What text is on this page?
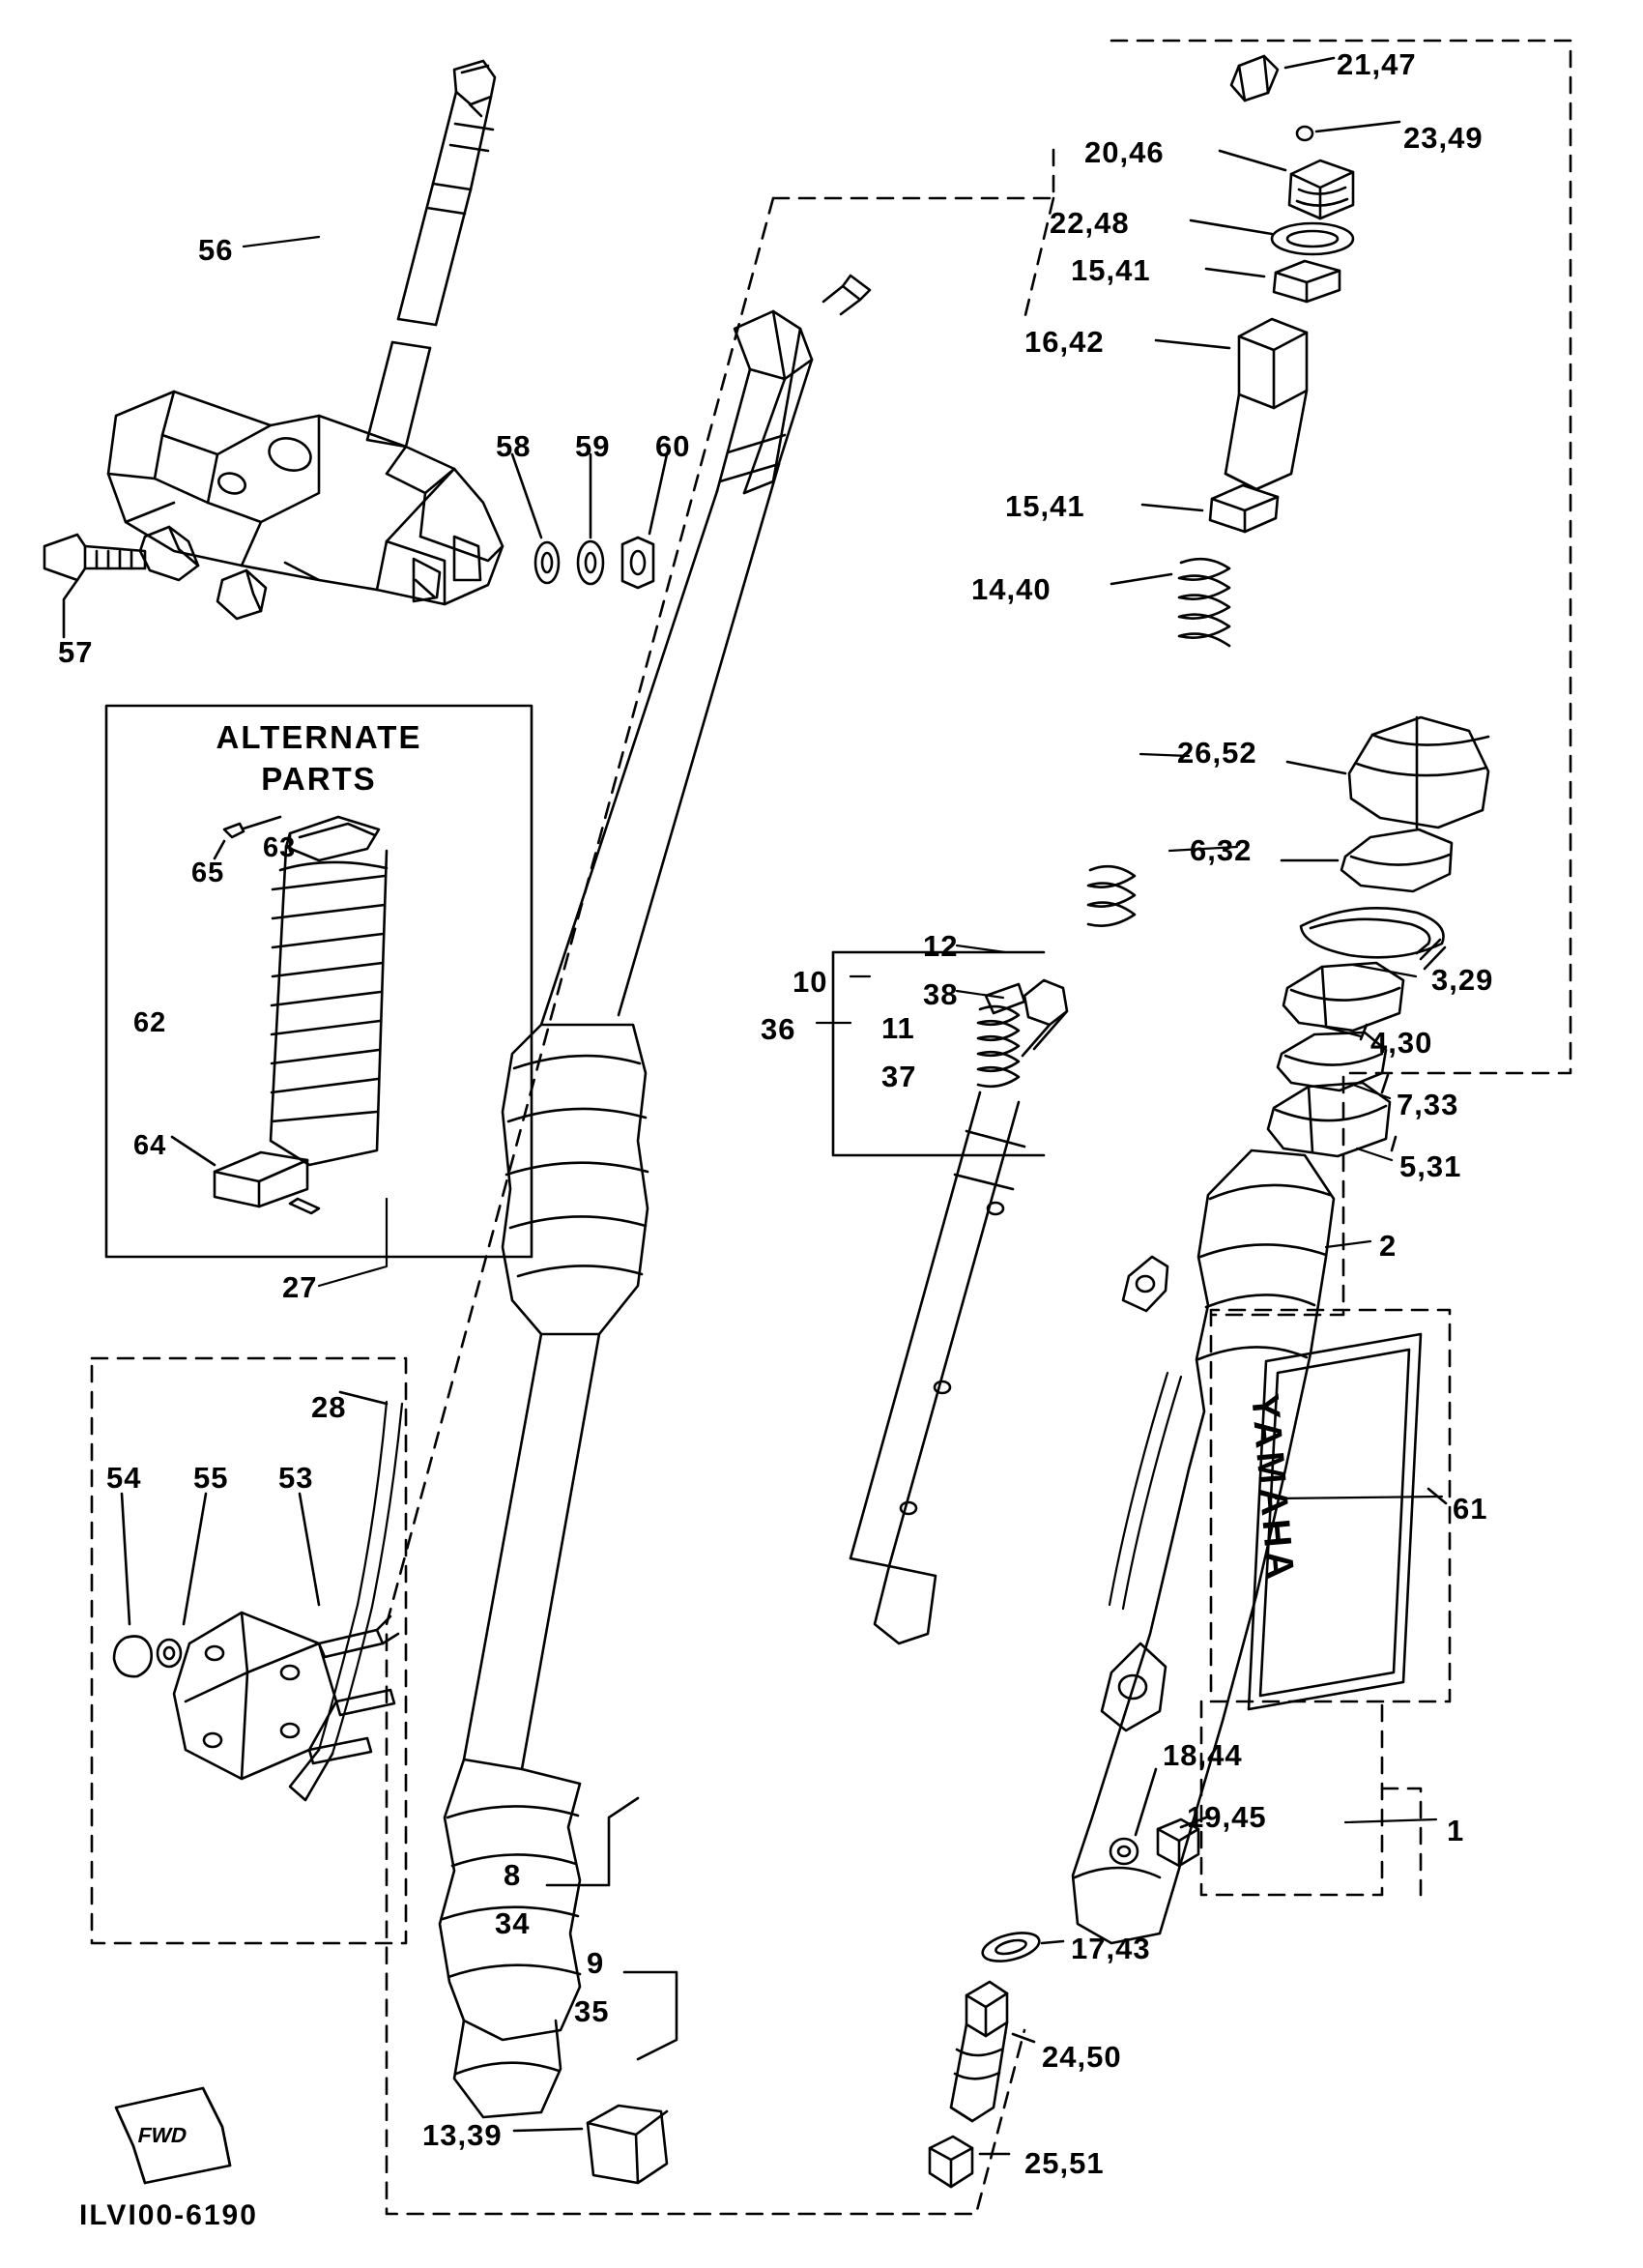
ALTERNATE
PARTS
YAMAHA
FWD
ILVI00-6190
56
57
58 59 60
21,47
23,49
20,46
22,48
15,41
16,42
15,41
14,40
26,52
6,32
3,29
4,30
7,33
5,31
2
12
38
10
36	11
37
61
1
18,44
19,45
17,43
24,50
25,51
27
28
54 55 53
8
34
9
35
13,39
65
63
62
64
